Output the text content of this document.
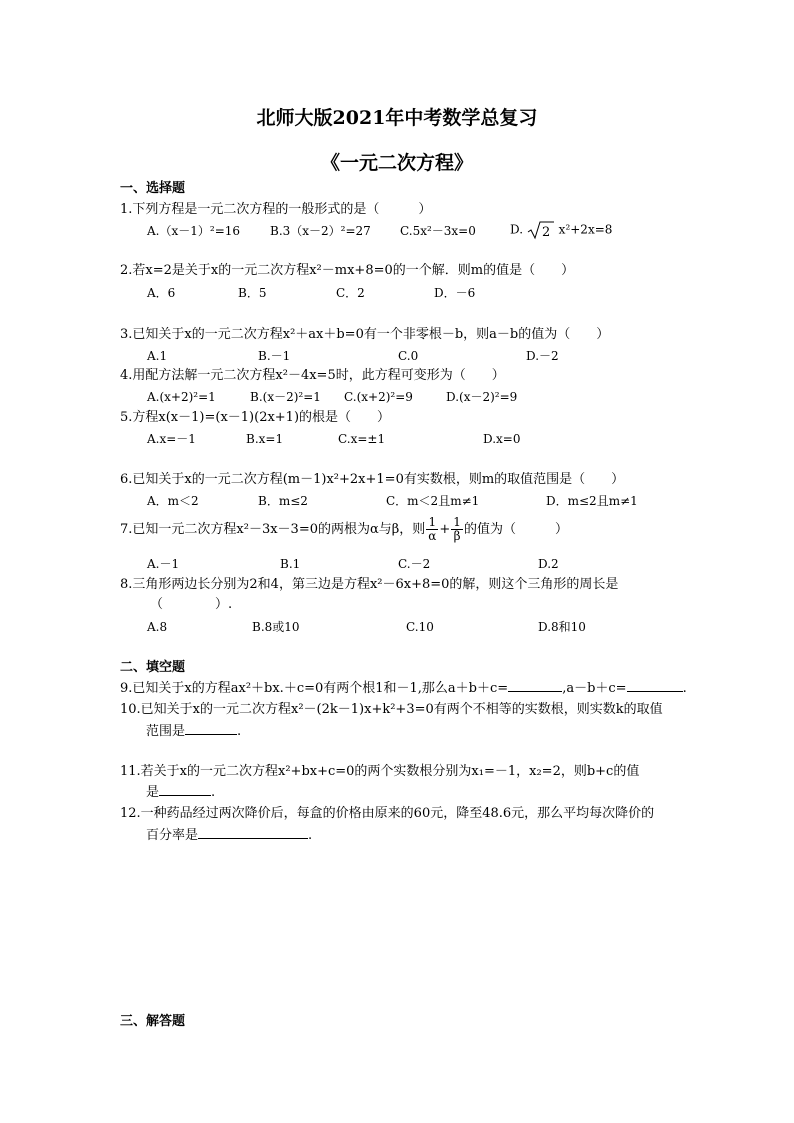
北师大版2021年中考数学总复习
《一元二次方程》
一、选择题
1.下列方程是一元二次方程的一般形式的是（　　　）
A.（x－1）²=16 B.3（x－2）²=27 C.5x²－3x=0	D. 2 x²+2x=8
2.若x=2是关于x的一元二次方程x²－mx+8=0的一个解．则m的值是（　　）
A．6	B．5	C．2	D．－6
3.已知关于x的一元二次方程x²＋ax＋b=0有一个非零根－b，则a－b的值为（　　）
A.1	B.－1	C.0	D.－2
4.用配方法解一元二次方程x²－4x=5时，此方程可变形为（　　）
A.(x+2)²=1	B.(x－2)²=1 C.(x+2)²=9	D.(x－2)²=9
5.方程x(x－1)=(x－1)(2x+1)的根是（　　）
A.x=－1	B.x=1	C.x=±1	D.x=0
6.已知关于x的一元二次方程(m－1)x²+2x+1=0有实数根，则m的取值范围是（　　）
A．m＜2	B．m≤2	C．m＜2且m≠1	D．m≤2且m≠1
7.已知一元二次方程x²－3x－3=0的两根为α与β，则 $\frac{1}{\alpha} + \frac{1}{\beta}$ 的值为（　　　）
A.－1	B.1	C.－2	D.2
8.三角形两边长分别为2和4，第三边是方程x²－6x+8=0的解，则这个三角形的周长是
（　　　　）.
A.8	B.8或10	C.10	D.8和10
二、填空题
9.已知关于x的方程ax²＋bx.＋c=0有两个根1和－1,那么a＋b＋c=	,a－b＋c=	.
10.已知关于x的一元二次方程x²－(2k－1)x+k²+3=0有两个不相等的实数根，则实数k的取值
范围是	.
11.若关于x的一元二次方程x²+bx+c=0的两个实数根分别为x₁=－1，x₂=2，则b+c的值
是	.
12.一种药品经过两次降价后，每盒的价格由原来的60元，降至48.6元，那么平均每次降价的
百分率是	.
三、解答题
